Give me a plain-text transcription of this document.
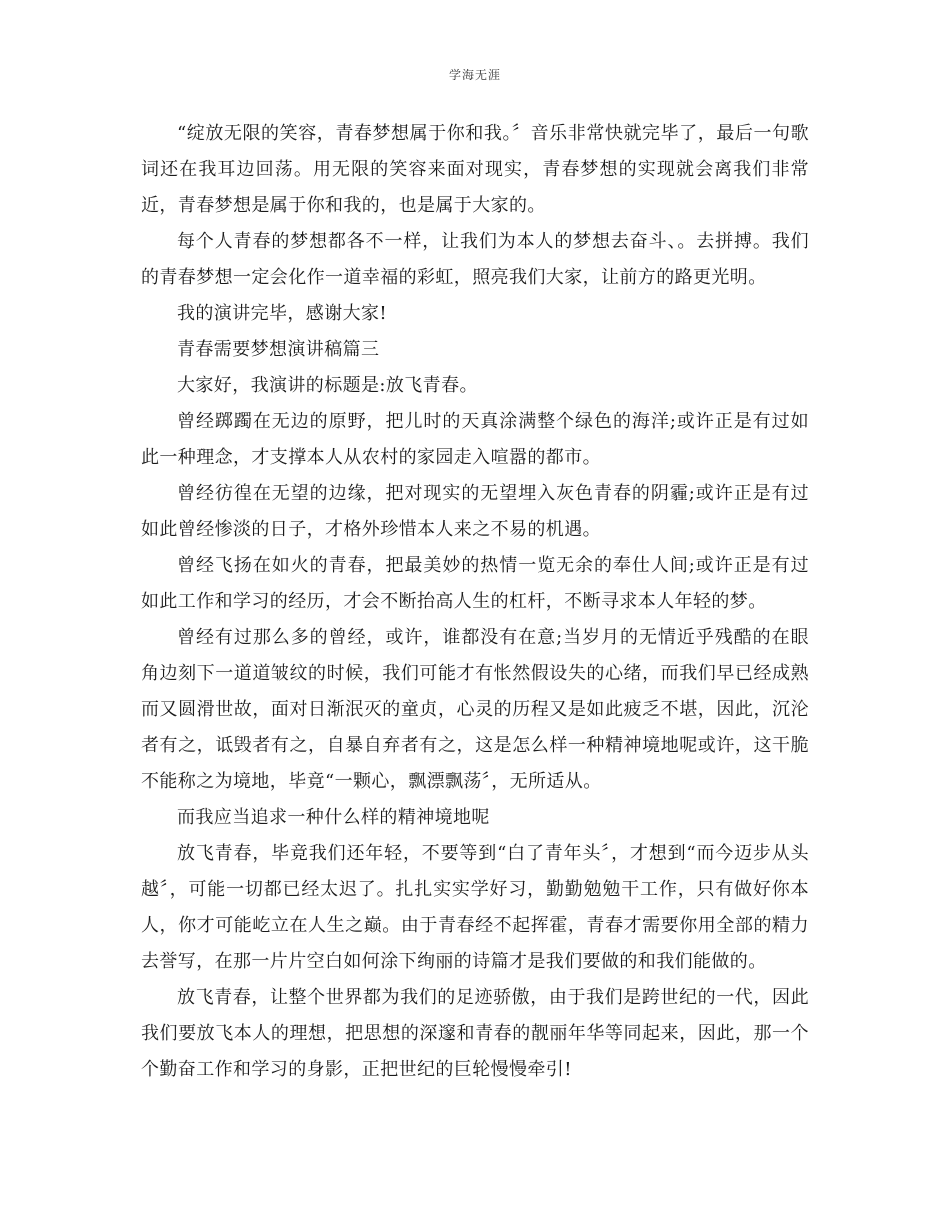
学海无涯

“绽放无限的笑容，青春梦想属于你和我。〞音乐非常快就完毕了，最后一句歌词还在我耳边回荡。用无限的笑容来面对现实，青春梦想的实现就会离我们非常近，青春梦想是属于你和我的，也是属于大家的。

每个人青春的梦想都各不一样，让我们为本人的梦想去奋斗、。去拼搏。我们的青春梦想一定会化作一道幸福的彩虹，照亮我们大家，让前方的路更光明。

我的演讲完毕，感谢大家!

青春需要梦想演讲稿篇三

大家好，我演讲的标题是:放飞青春。

曾经踯躅在无边的原野，把儿时的天真涂满整个绿色的海洋;或许正是有过如此一种理念，才支撑本人从农村的家园走入喧嚣的都市。

曾经彷徨在无望的边缘，把对现实的无望埋入灰色青春的阴霾;或许正是有过如此曾经惨淡的日子，才格外珍惜本人来之不易的机遇。

曾经飞扬在如火的青春，把最美妙的热情一览无余的奉仕人间;或许正是有过如此工作和学习的经历，才会不断抬高人生的杠杆，不断寻求本人年轻的梦。

曾经有过那么多的曾经，或许，谁都没有在意;当岁月的无情近乎残酷的在眼角边刻下一道道皱纹的时候，我们可能才有怅然假设失的心绪，而我们早已经成熟而又圆滑世故，面对日渐泯灭的童贞，心灵的历程又是如此疲乏不堪，因此，沉沦者有之，诋毁者有之，自暴自弃者有之，这是怎么样一种精神境地呢或许，这干脆不能称之为境地，毕竟“一颗心，飘漂飘荡〞，无所适从。

而我应当追求一种什么样的精神境地呢

放飞青春，毕竟我们还年轻，不要等到“白了青年头〞，才想到“而今迈步从头越〞，可能一切都已经太迟了。扎扎实实学好习，勤勤勉勉干工作，只有做好你本人，你才可能屹立在人生之巅。由于青春经不起挥霍，青春才需要你用全部的精力去誉写，在那一片片空白如何涂下绚丽的诗篇才是我们要做的和我们能做的。

放飞青春，让整个世界都为我们的足迹骄傲，由于我们是跨世纪的一代，因此我们要放飞本人的理想，把思想的深邃和青春的靓丽年华等同起来，因此，那一个个勤奋工作和学习的身影，正把世纪的巨轮慢慢牵引!
